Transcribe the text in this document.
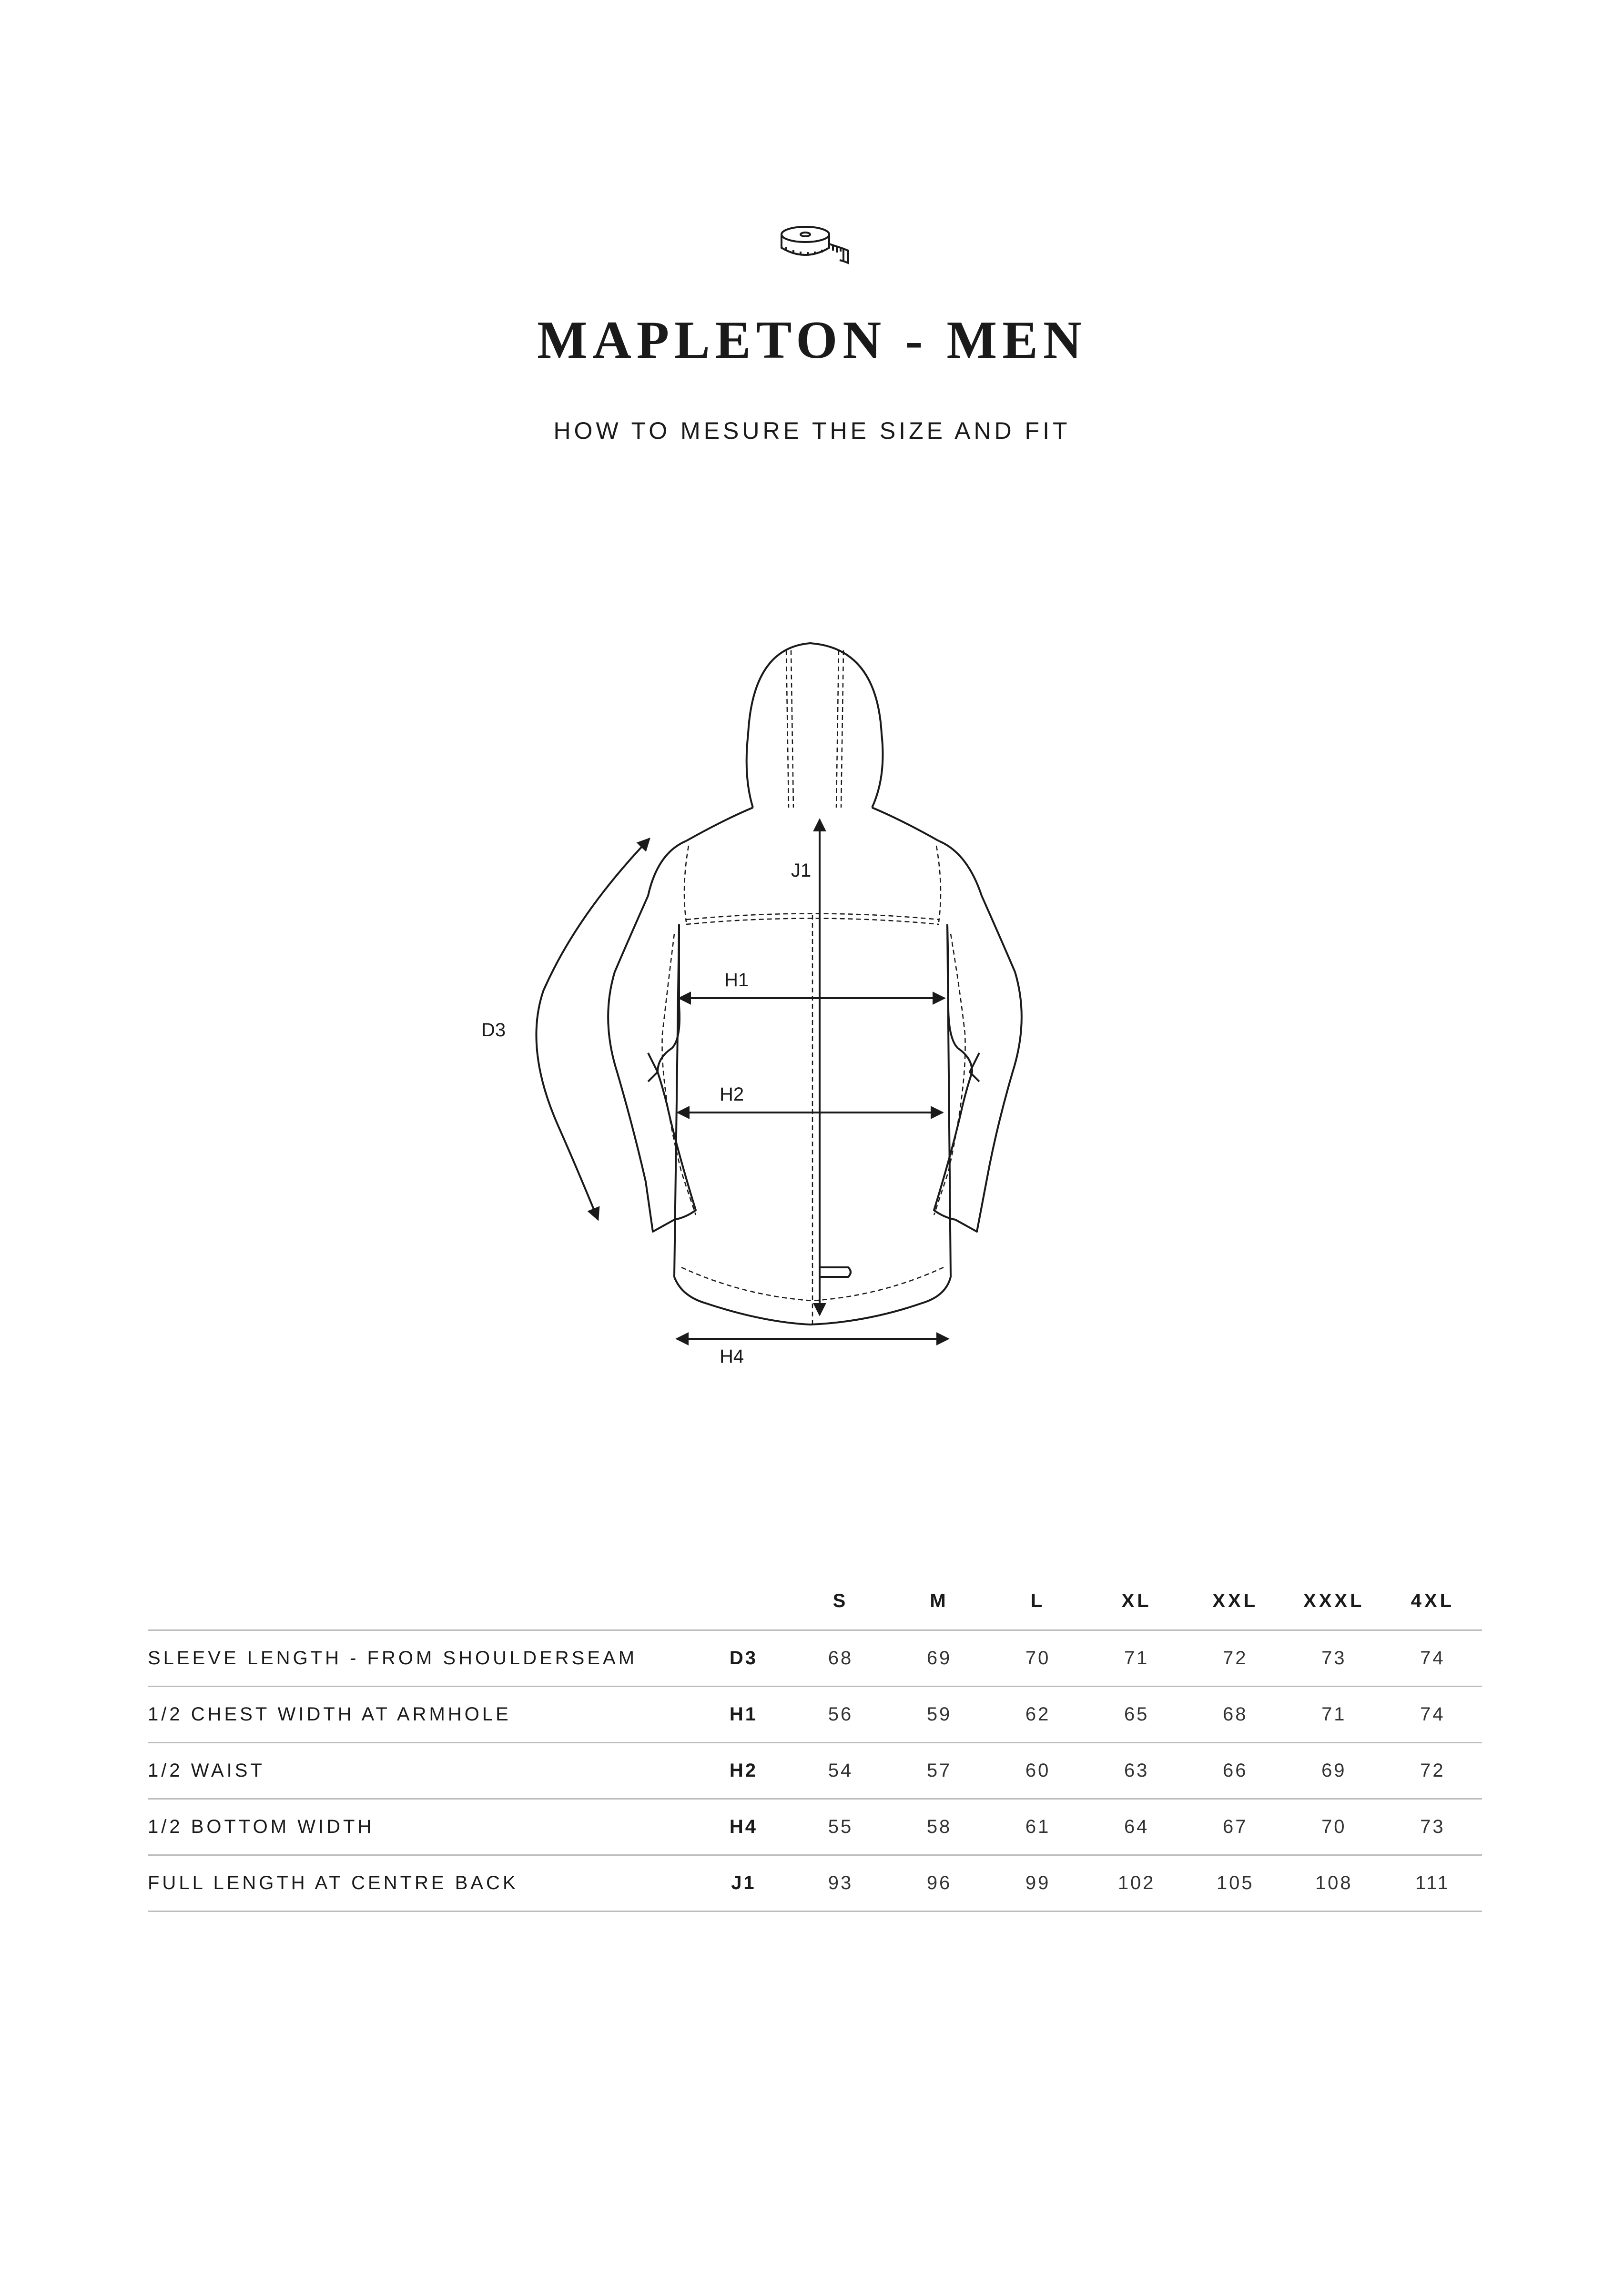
MAPLETON - MEN
HOW TO MESURE THE SIZE AND FIT
J1
H1
H2
H4
D3
		S	M	L	XL	XXL	XXXL	4XL
SLEEVE LENGTH - FROM SHOULDERSEAM	D3	68	69	70	71	72	73	74
1/2 CHEST WIDTH AT ARMHOLE	H1	56	59	62	65	68	71	74
1/2 WAIST	H2	54	57	60	63	66	69	72
1/2 BOTTOM WIDTH	H4	55	58	61	64	67	70	73
FULL LENGTH AT CENTRE BACK	J1	93	96	99	102	105	108	111
